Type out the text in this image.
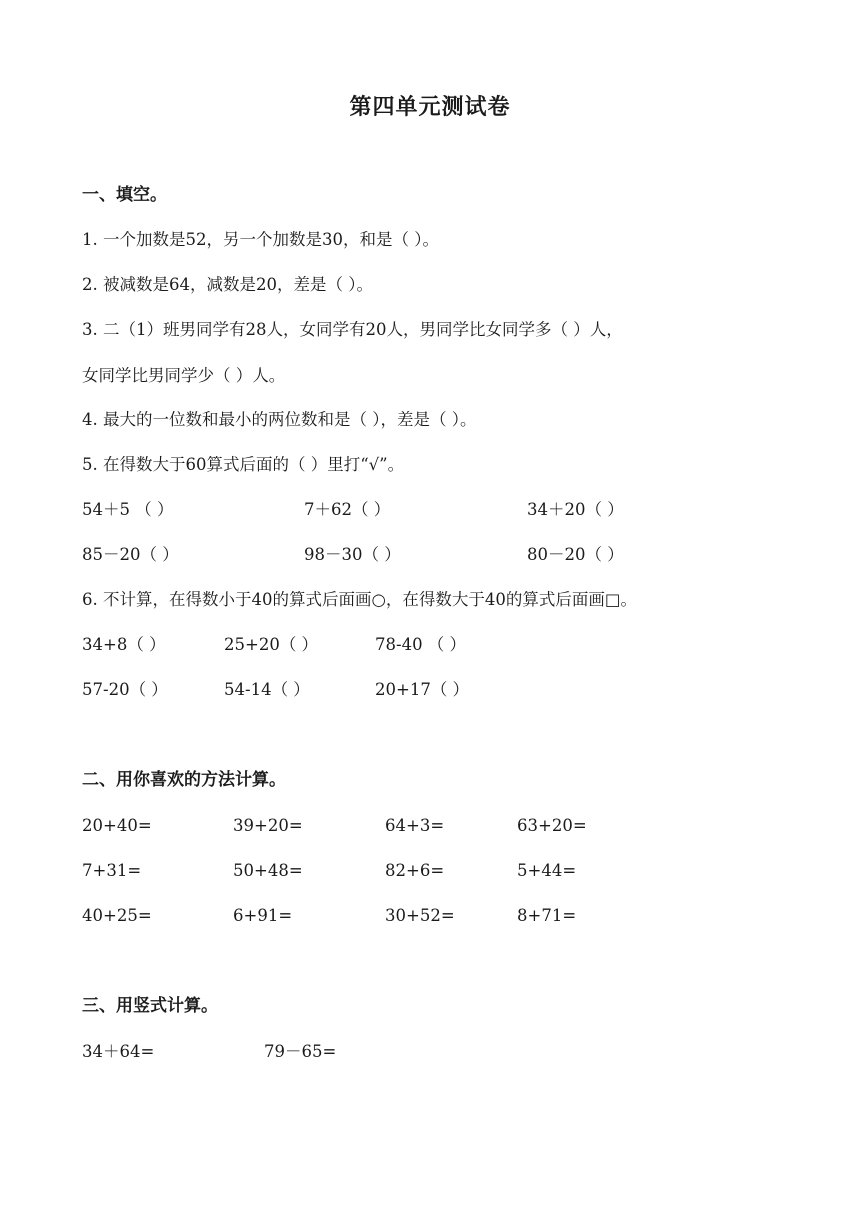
第四单元测试卷
一、填空。
1. 一个加数是52，另一个加数是30，和是（ ）。
2. 被减数是64，减数是20，差是（ ）。
3. 二（1）班男同学有28人，女同学有20人，男同学比女同学多（ ）人，
女同学比男同学少（ ）人。
4. 最大的一位数和最小的两位数和是（ ），差是（ ）。
5. 在得数大于60算式后面的（ ）里打“√”。
54＋5 （ ）	7＋62（ ）	34＋20（ ）
85－20（ ）	98－30（ ）	80－20（ ）
6. 不计算，在得数小于40的算式后面画○，在得数大于40的算式后面画□。
34+8（ ）	25+20（ ）	78-40 （ ）
57-20（ ）	54-14（ ）	20+17（ ）
二、用你喜欢的方法计算。
20+40=	39+20=	64+3=	63+20=
7+31=	50+48=	82+6=	5+44=
40+25=	6+91=	30+52=	8+71=
三、用竖式计算。
34＋64=	79－65=
